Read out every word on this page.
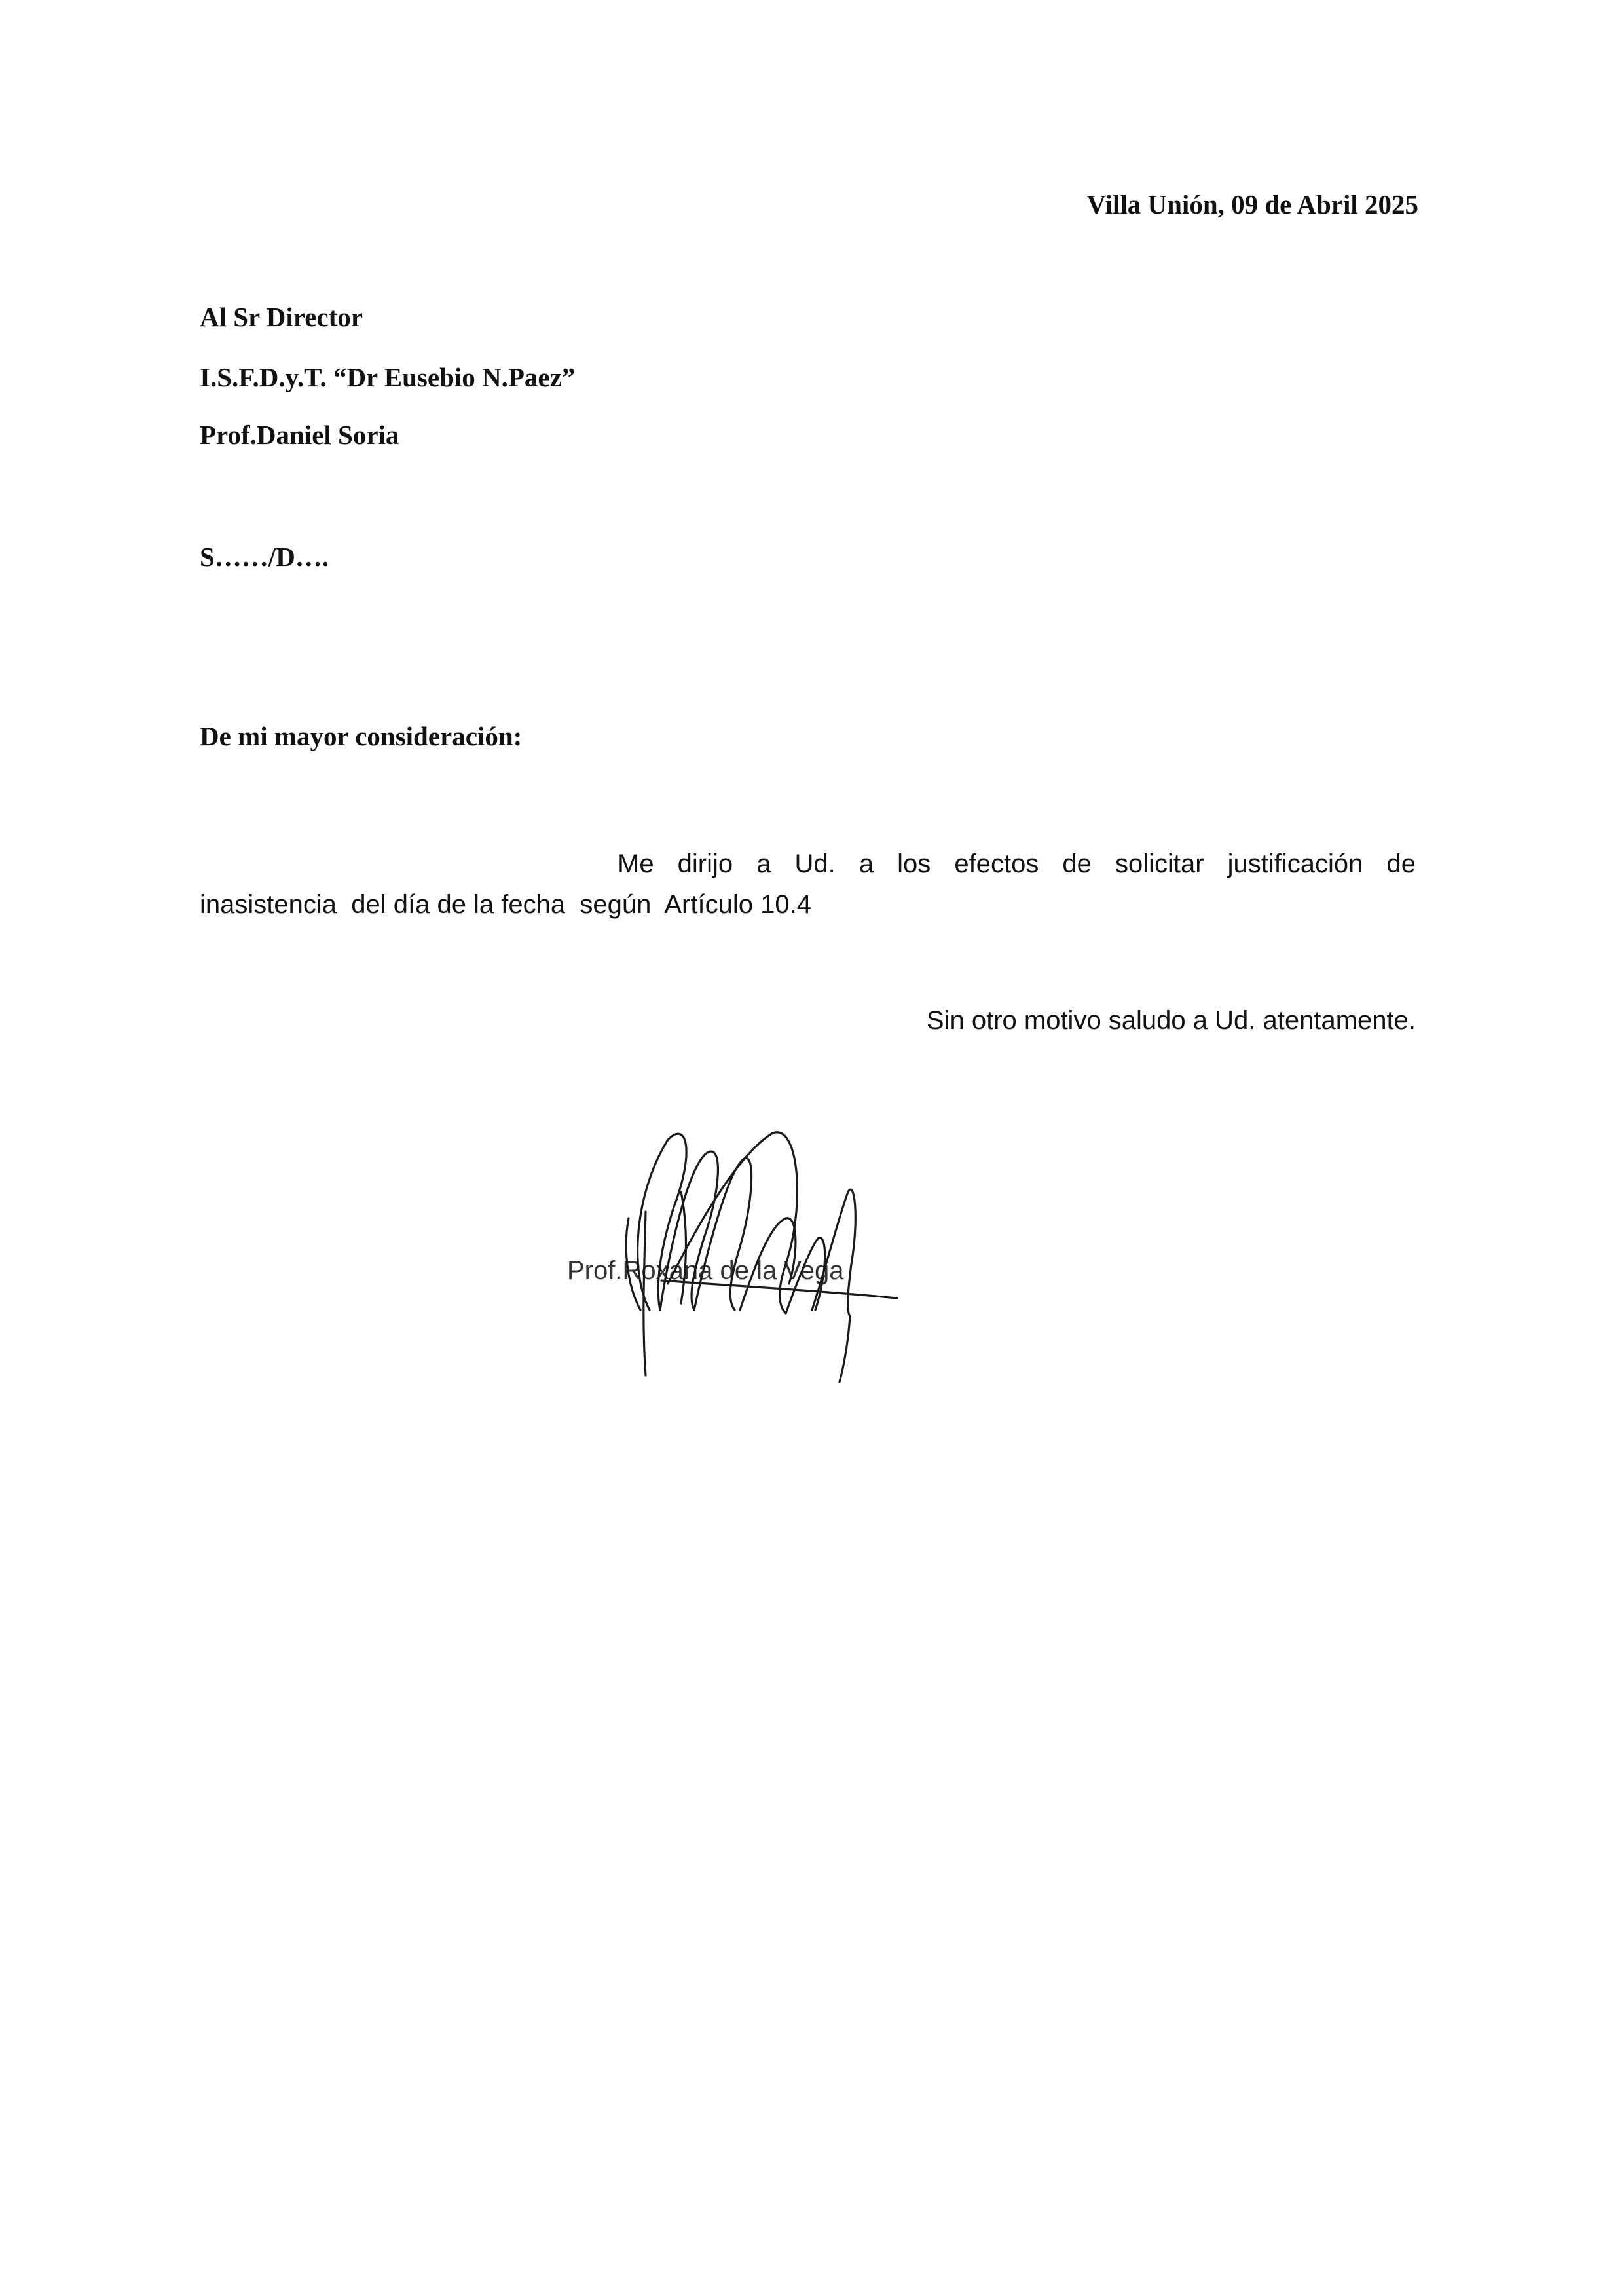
Villa Unión, 09 de Abril 2025
Al Sr Director
I.S.F.D.y.T. “Dr Eusebio N.Paez”
Prof.Daniel Soria
S……/D….
De mi mayor consideración:
Me dirijo a Ud. a los efectos de solicitar justificación de
inasistencia  del día de la fecha  según  Artículo 10.4
Sin otro motivo saludo a Ud. atentamente.
Prof.Roxana de la Vega
